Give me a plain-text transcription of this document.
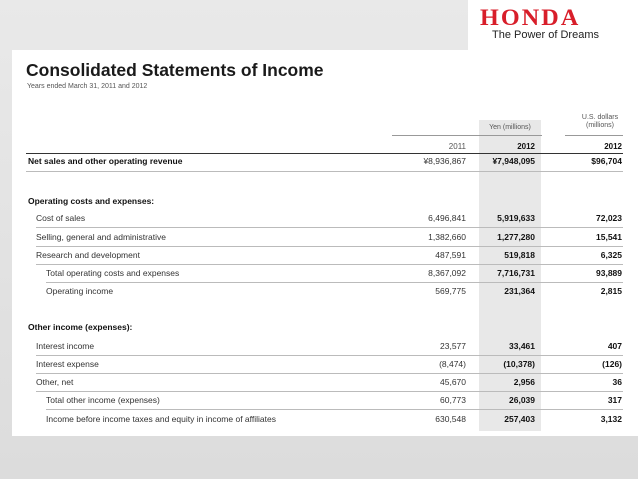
HONDA
The Power of Dreams
Consolidated Statements of Income
Years ended March 31, 2011 and 2012
Yen (millions)
U.S. dollars
(millions)
2011	2012	2012
Net sales and other operating revenue	¥8,936,867	¥7,948,095	$96,704
Operating costs and expenses:
Cost of sales	6,496,841	5,919,633	72,023
Selling, general and administrative	1,382,660	1,277,280	15,541
Research and development	487,591	519,818	6,325
Total operating costs and expenses	8,367,092	7,716,731	93,889
Operating income	569,775	231,364	2,815
Other income (expenses):
Interest income	23,577	33,461	407
Interest expense	(8,474)	(10,378)	(126)
Other, net	45,670	2,956	36
Total other income (expenses)	60,773	26,039	317
Income before income taxes and equity in income of affiliates	630,548	257,403	3,132
